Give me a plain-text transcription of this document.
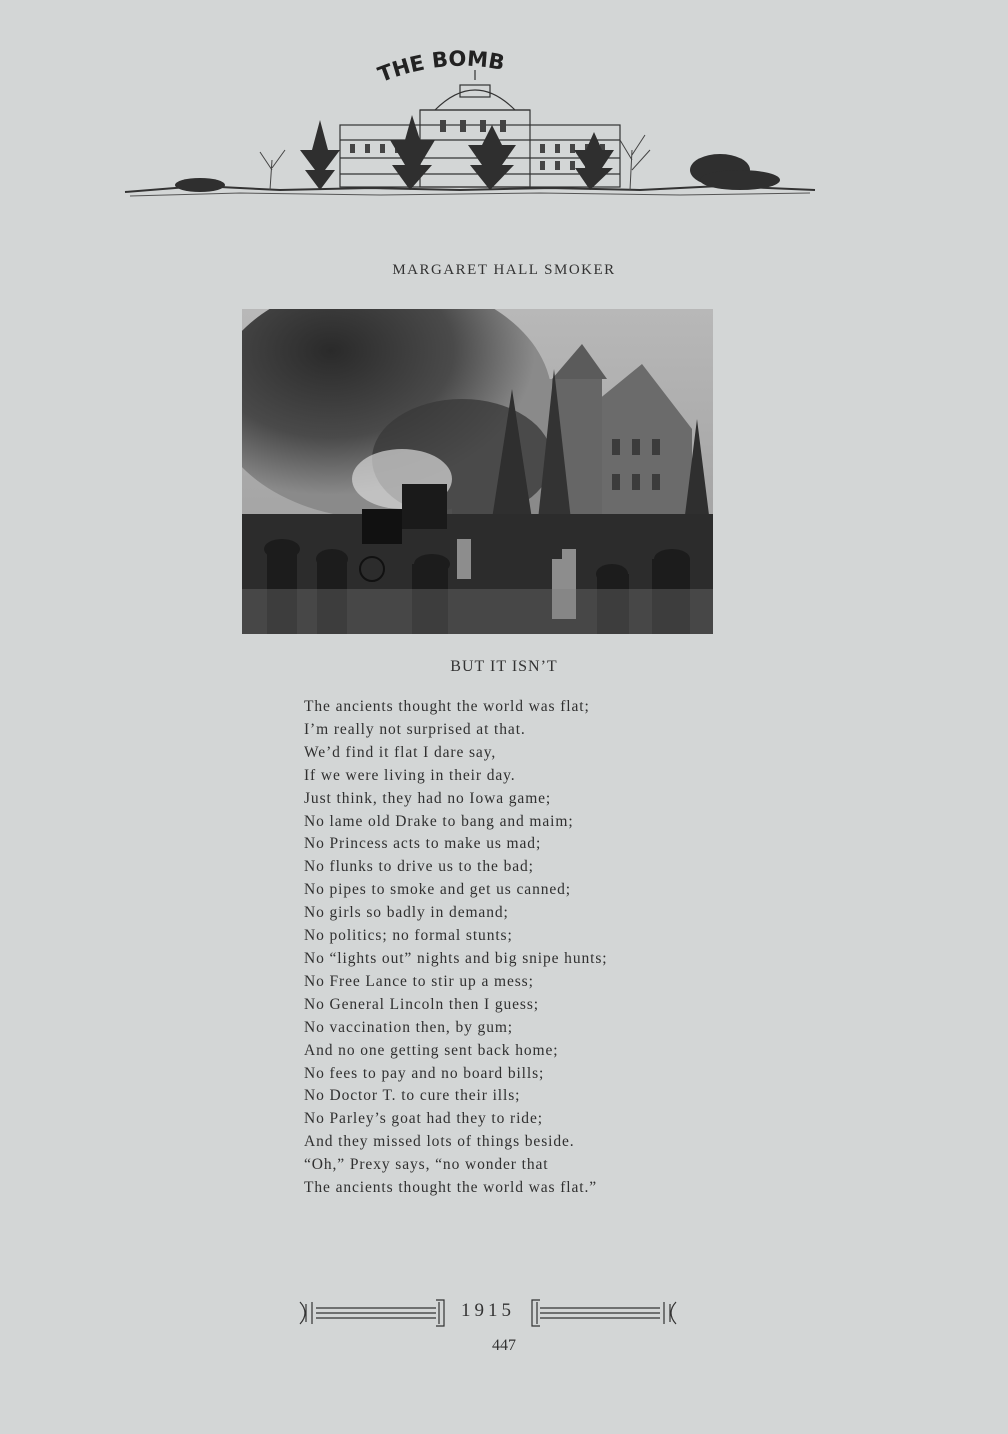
THE BOMB
MARGARET HALL SMOKER
BUT IT ISN’T
The ancients thought the world was flat;
I’m really not surprised at that.
We’d find it flat I dare say,
If we were living in their day.
Just think, they had no Iowa game;
No lame old Drake to bang and maim;
No Princess acts to make us mad;
No flunks to drive us to the bad;
No pipes to smoke and get us canned;
No girls so badly in demand;
No politics; no formal stunts;
No “lights out” nights and big snipe hunts;
No Free Lance to stir up a mess;
No General Lincoln then I guess;
No vaccination then, by gum;
And no one getting sent back home;
No fees to pay and no board bills;
No Doctor T. to cure their ills;
No Parley’s goat had they to ride;
And they missed lots of things beside.
“Oh,” Prexy says, “no wonder that
The ancients thought the world was flat.”
1915
447
